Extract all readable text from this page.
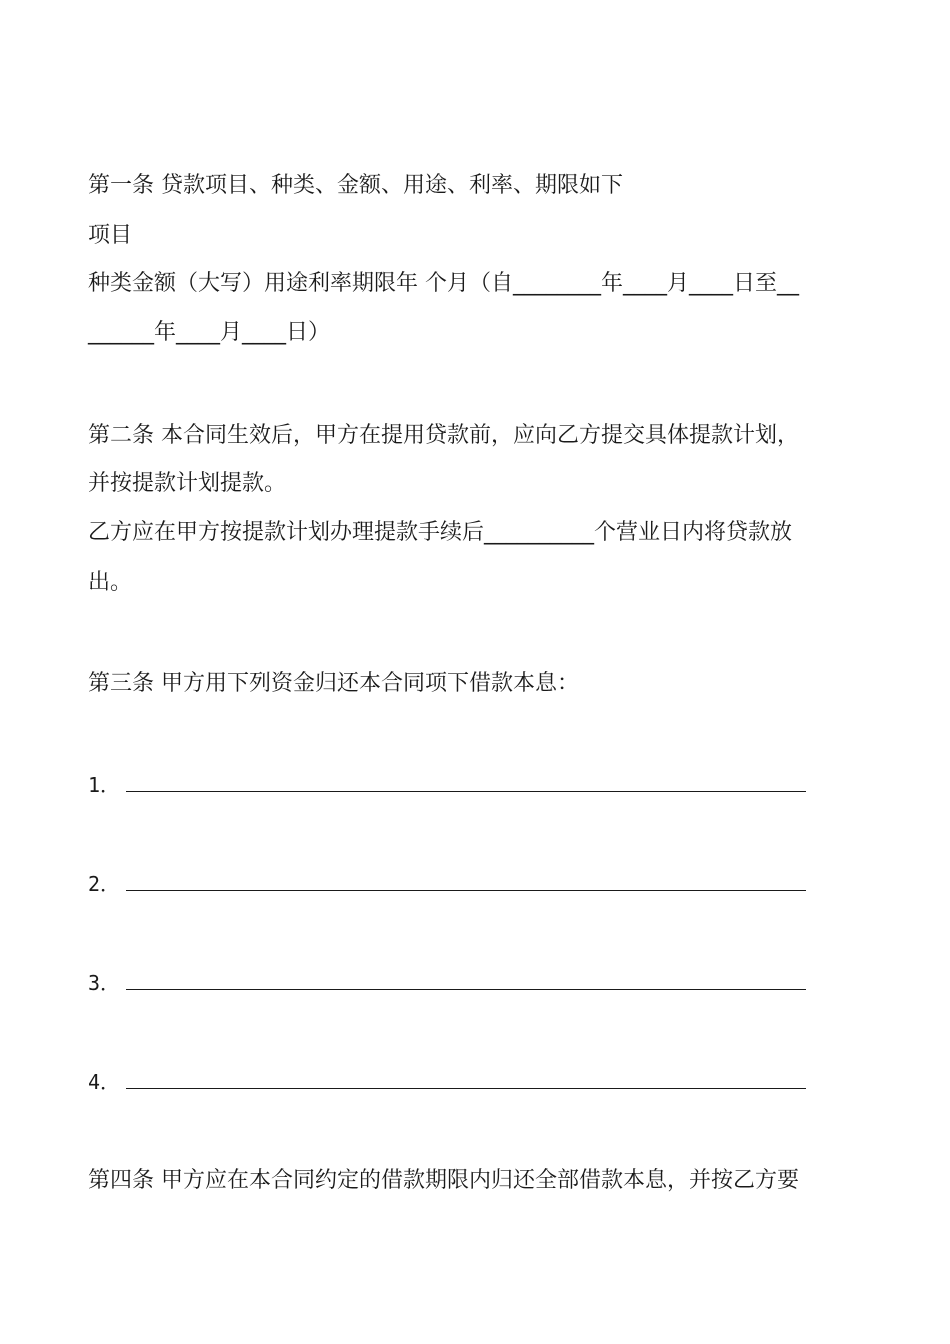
第一条 贷款项目、种类、金额、用途、利率、期限如下
项目
种类金额（大写）用途利率期限年 个月（自________年____月____日至__
______年____月____日）
第二条 本合同生效后，甲方在提用贷款前，应向乙方提交具体提款计划，
并按提款计划提款。
乙方应在甲方按提款计划办理提款手续后__________个营业日内将贷款放
出。
第三条 甲方用下列资金归还本合同项下借款本息：
1．
2．
3．
4．
第四条 甲方应在本合同约定的借款期限内归还全部借款本息，并按乙方要
